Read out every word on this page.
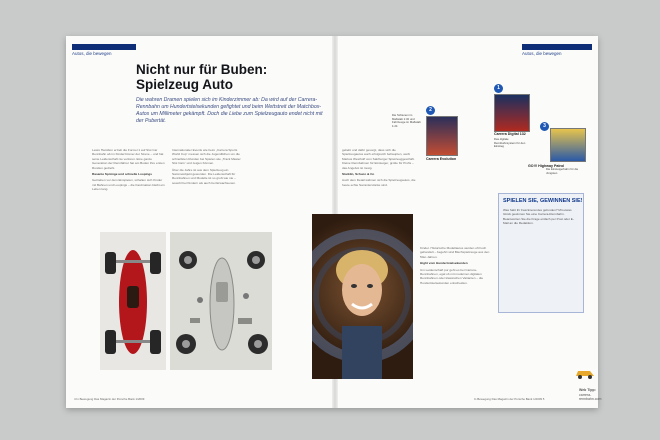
Autos, die bewegen	Autos, die bewegen
Nicht nur für Buben: Spielzeug Auto
Die wahren Dramen spielen sich im Kinderzimmer ab: Da wird auf der Carrera-Rennbahn um Hundertstelsekunden gefightet und beim Wettstreit der Matchbox-Autos um Millimeter gekämpft. Doch die Liebe zum Spielzeugauto endet nicht mit der Pubertät.

Lewis Hamilton erzielt die Formel 1 auf Slot Car Rennbahn ab im Kinderzimmer der Szene – und hat seine Leidenschaft nie verloren. Eine ganze Generation der Rennfahrer hat am Boden ihre ersten Runden gedreht.

Rasante Sprünge und schnelle Loopings

Getrieben vor dem Einspielen, schalten sich Kinder mit Bahnen und Loopings – die Faszination bleibt ein Leben lang.

Internationaler Events wie beim „Carrera Sports World Cup“ messen sich die Jugendlichen um die schnellsten Runden bei Spielen wie „Track Master Slot Cars“ und zeigen Können.

Über die Jahre ist aus dem Spielzeug ein Sammelobjekt geworden. Die Leidenschaft für Rennbahnen und Modelle ist so groß wie nie – sowohl bei Kindern als auch bei Erwachsenen.

geliebt und dafür gesorgt, dass sich die Spielzeugautos auch erfolgreich behaupten, weiß Markus Westhoff vom Salzburger Spielzeuggeschäft. Kleine Rennbahnen für Einsteiger, große für Profis – das Angebot ist riesig.

Starklin, Schuco & Co

Auch dem Detail widmen sich die Spielzeugautos, die heute echte Sammlerstücke sind.

Kinder. Historische Modellautos werden oft hoch gehandelt – begehrt sind Blechspielzeuge aus den 50er-Jahren.

Hight vom Hundertstelsekunden

Um Leidenschaft pur geht es bei Carrera-Rennbahnen, egal ob mit modernen digitalen Rennbahnen oder klassischen Varianten – die Hundertstelsekunden entscheiden.

2
Carrera Evolution
Die Schienen im Maßstab 1:32 und Fahrzeuge im Maßstab 1:24
1
Carrera Digital 132
Das digitale Rennbahnsystem für den Einstieg
3
GO!!! Highway Patrol
Die Einsteigerbahn für die Jüngsten
SPIELEN SIE, GEWINNEN SIE!
Was habt ihr Faszinierendes gefunden? Mit etwas Glück gewinnen Sie eine Carrera-Rennbahn. Beantworten Sie die Frage einfach per Post oder E-Mail an die Redaktion.
Web Tipp:
carrera-rennbahn.com
4 In Bewegung Das Magazin der Porsche Bank 1/2009	In Bewegung Das Magazin der Porsche Bank 1/2009 5
